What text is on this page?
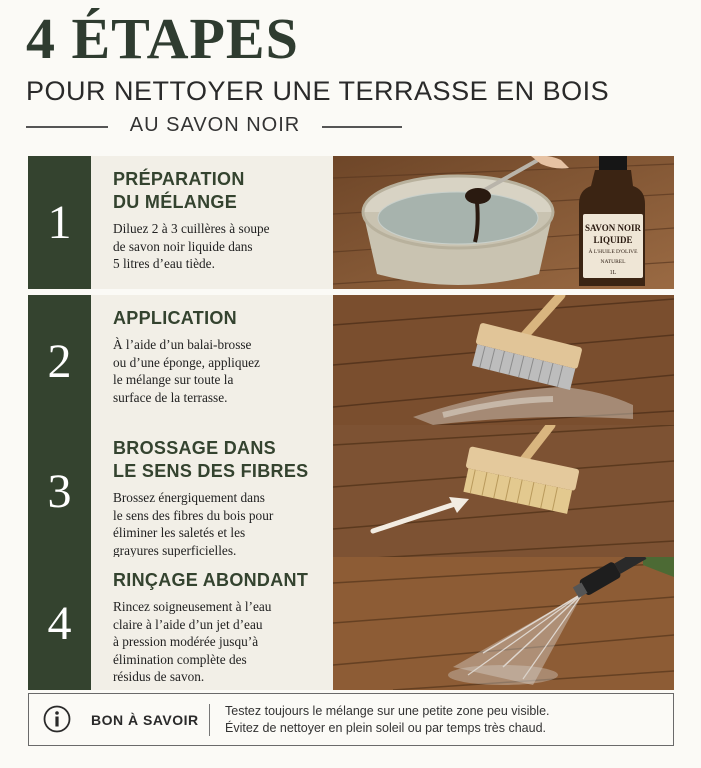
4 ÉTAPES
POUR NETTOYER UNE TERRASSE EN BOIS
AU SAVON NOIR
1
PRÉPARATION
DU MÉLANGE
Diluez 2 à 3 cuillères à soupe
de savon noir liquide dans
5 litres d’eau tiède.
SAVON NOIR
LIQUIDE
À L'HUILE D'OLIVE
NATUREL
1L
2
APPLICATION
À l’aide d’un balai-brosse
ou d’une éponge, appliquez
le mélange sur toute la
surface de la terrasse.
3
BROSSAGE DANS
LE SENS DES FIBRES
Brossez énergiquement dans
le sens des fibres du bois pour
éliminer les saletés et les
grayures superficielles.
4
RINÇAGE ABONDANT
Rincez soigneusement à l’eau
claire à l’aide d’un jet d’eau
à pression modérée jusqu’à
élimination complète des
résidus de savon.
BON À SAVOIR
Testez toujours le mélange sur une petite zone peu visible.
Évitez de nettoyer en plein soleil ou par temps très chaud.
